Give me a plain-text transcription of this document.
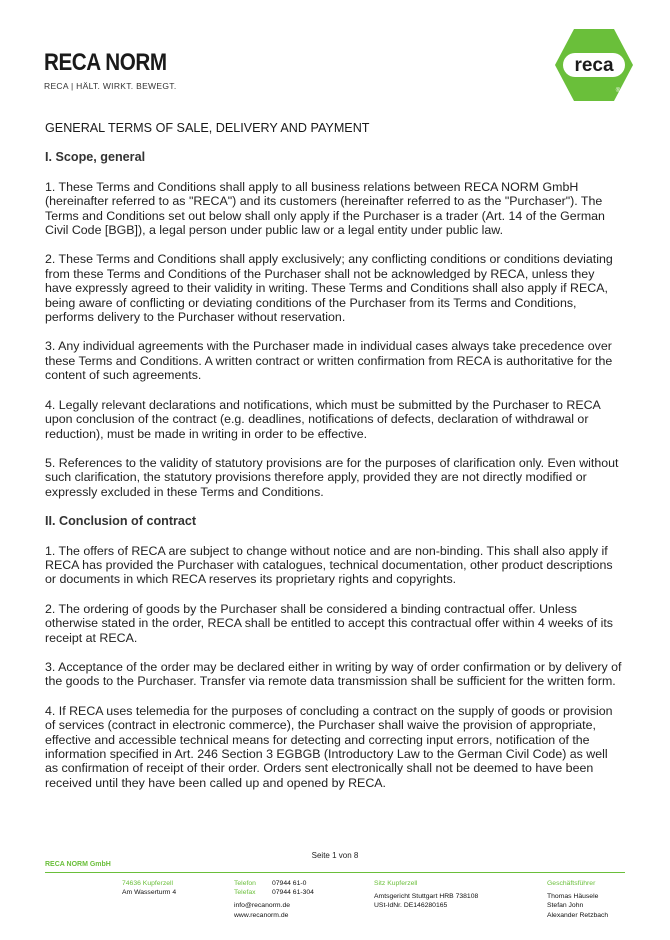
RECA NORM
RECA | HÄLT. WIRKT. BEWEGT.
reca
®
GENERAL TERMS OF SALE, DELIVERY AND PAYMENT
I. Scope, general

1. These Terms and Conditions shall apply to all business relations between RECA NORM GmbH (hereinafter referred to as "RECA") and its customers (hereinafter referred to as the "Purchaser"). The Terms and Conditions set out below shall only apply if the Purchaser is a trader (Art. 14 of the German Civil Code [BGB]), a legal person under public law or a legal entity under public law.

2. These Terms and Conditions shall apply exclusively; any conflicting conditions or conditions deviating from these Terms and Conditions of the Purchaser shall not be acknowledged by RECA, unless they have expressly agreed to their validity in writing. These Terms and Conditions shall also apply if RECA, being aware of conflicting or deviating conditions of the Purchaser from its Terms and Conditions, performs delivery to the Purchaser without reservation.

3. Any individual agreements with the Purchaser made in individual cases always take precedence over these Terms and Conditions. A written contract or written confirmation from RECA is authoritative for the content of such agreements.

4. Legally relevant declarations and notifications, which must be submitted by the Purchaser to RECA upon conclusion of the contract (e.g. deadlines, notifications of defects, declaration of withdrawal or reduction), must be made in writing in order to be effective.

5. References to the validity of statutory provisions are for the purposes of clarification only. Even without such clarification, the statutory provisions therefore apply, provided they are not directly modified or expressly excluded in these Terms and Conditions.

II. Conclusion of contract

1. The offers of RECA are subject to change without notice and are non-binding. This shall also apply if RECA has provided the Purchaser with catalogues, technical documentation, other product descriptions or documents in which RECA reserves its proprietary rights and copyrights.

2. The ordering of goods by the Purchaser shall be considered a binding contractual offer. Unless otherwise stated in the order, RECA shall be entitled to accept this contractual offer within 4 weeks of its receipt at RECA.

3. Acceptance of the order may be declared either in writing by way of order confirmation or by delivery of the goods to the Purchaser. Transfer via remote data transmission shall be sufficient for the written form.

4. If RECA uses telemedia for the purposes of concluding a contract on the supply of goods or provision of services (contract in electronic commerce), the Purchaser shall waive the provision of appropriate, effective and accessible technical means for detecting and correcting input errors, notification of the information specified in Art. 246 Section 3 EGBGB (Introductory Law to the German Civil Code) as well as confirmation of receipt of their order. Orders sent electronically shall not be deemed to have been received until they have been called up and opened by RECA.

Seite 1 von 8
RECA NORM GmbH
74636 Kupferzell
Am Wasserturm 4
Telefon 07944 61-0
Telefax 07944 61-304
info@recanorm.de
www.recanorm.de
Sitz Kupferzell
Amtsgericht Stuttgart HRB 738108
USt-IdNr. DE146280165
Geschäftsführer
Thomas Häusele
Stefan John
Alexander Retzbach
